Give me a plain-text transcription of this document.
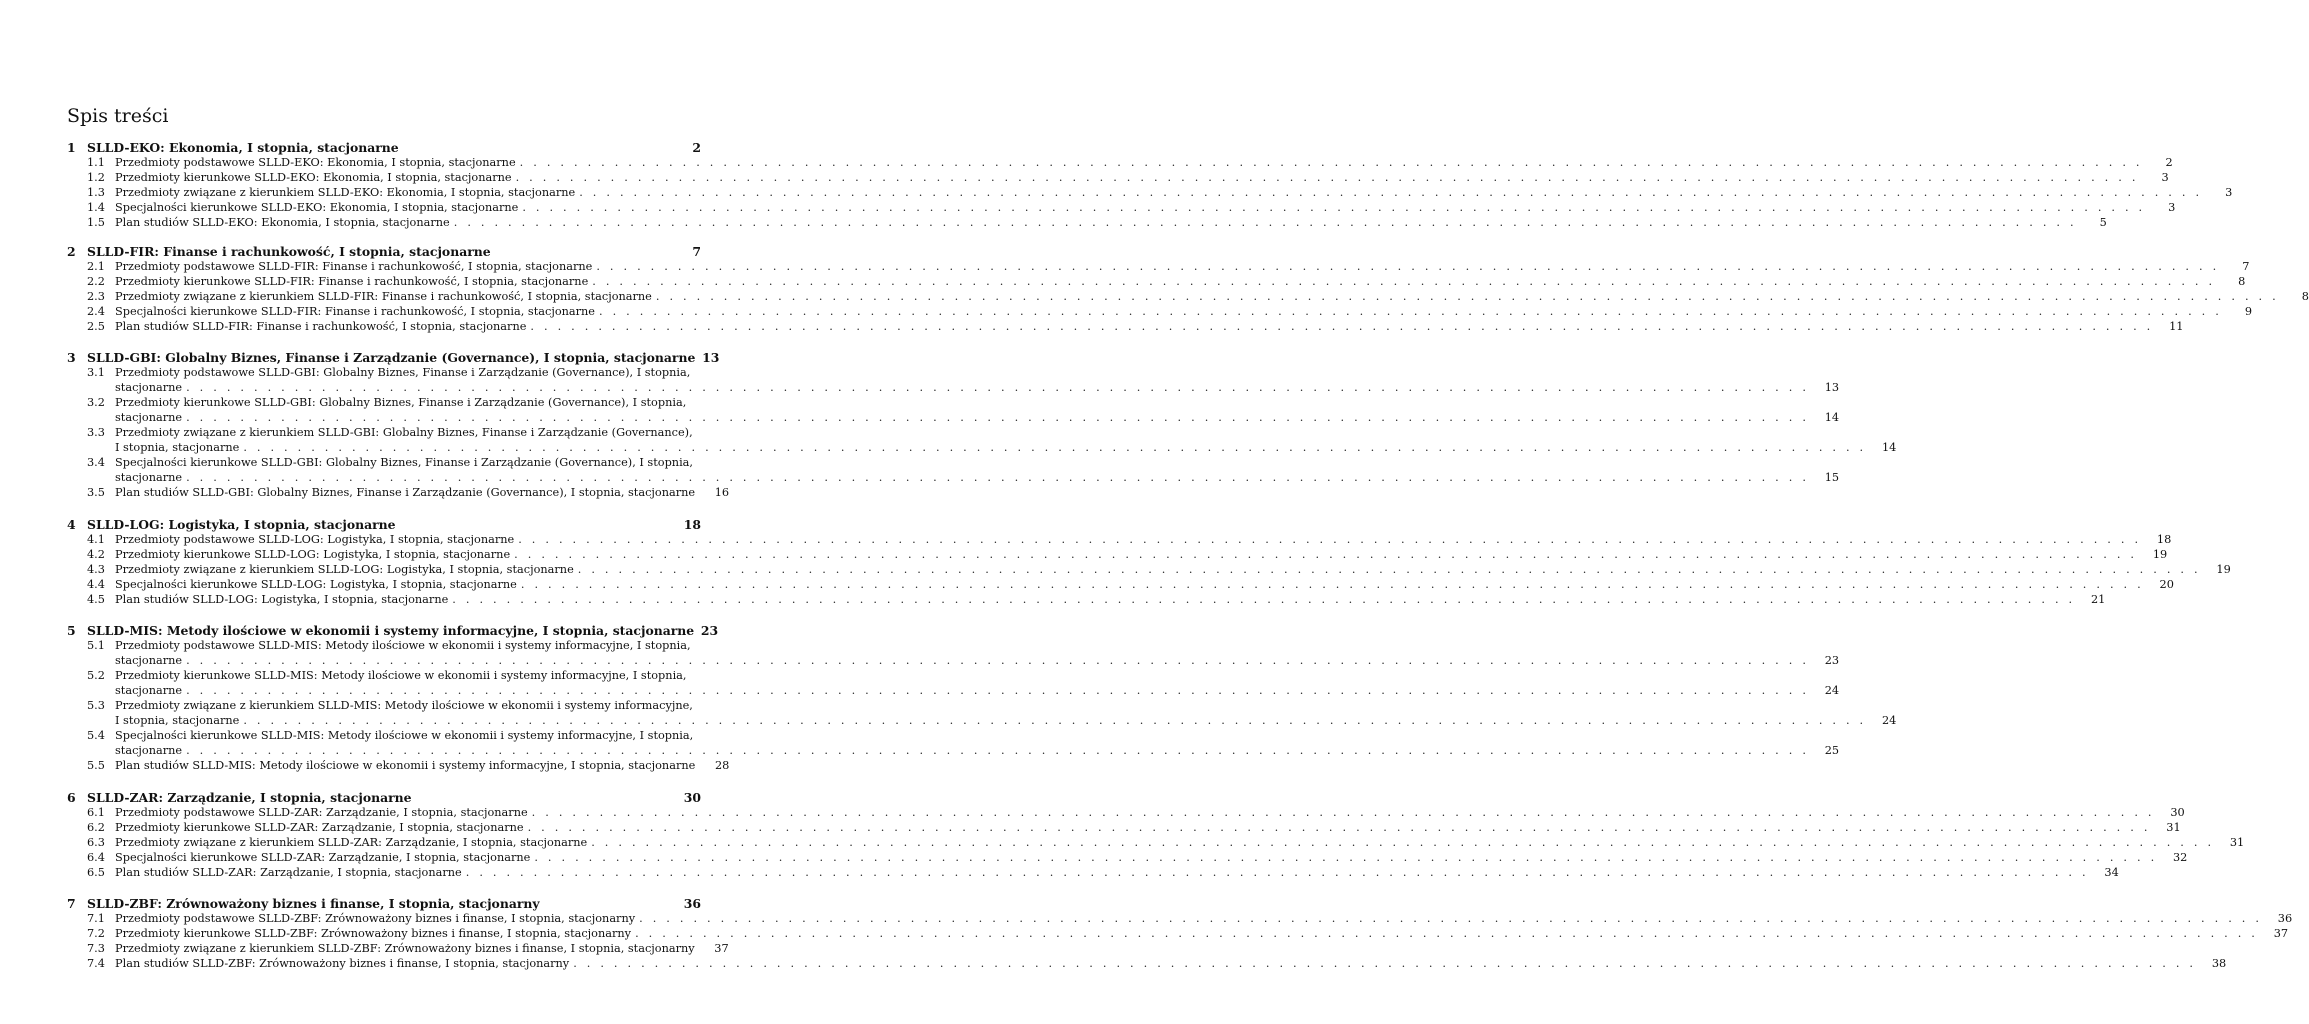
Spis treści
1 SLLD-EKO: Ekonomia, I stopnia, stacjonarne	2
1.1 Przedmioty podstawowe SLLD-EKO: Ekonomia, I stopnia, stacjonarne . . . . . . . . . . . . . . . . . . . . . . . . . . . . . . . . . . . . . . . . . . . . . . . . . . . . . . . . . . . . . . . . . . . . . . . . . . . . . . . . . . . . . . . . . . . . . . . . . . . . . . . . . . . . . . . . . . . . . . . .	2
1.2 Przedmioty kierunkowe SLLD-EKO: Ekonomia, I stopnia, stacjonarne . . . . . . . . . . . . . . . . . . . . . . . . . . . . . . . . . . . . . . . . . . . . . . . . . . . . . . . . . . . . . . . . . . . . . . . . . . . . . . . . . . . . . . . . . . . . . . . . . . . . . . . . . . . . . . . . . . . . . . . .	3
1.3 Przedmioty związane z kierunkiem SLLD-EKO: Ekonomia, I stopnia, stacjonarne . . . . . . . . . . . . . . . . . . . . . . . . . . . . . . . . . . . . . . . . . . . . . . . . . . . . . . . . . . . . . . . . . . . . . . . . . . . . . . . . . . . . . . . . . . . . . . . . . . . . . . . . . . . . . . . . . . . . . . . .	3
1.4 Specjalności kierunkowe SLLD-EKO: Ekonomia, I stopnia, stacjonarne . . . . . . . . . . . . . . . . . . . . . . . . . . . . . . . . . . . . . . . . . . . . . . . . . . . . . . . . . . . . . . . . . . . . . . . . . . . . . . . . . . . . . . . . . . . . . . . . . . . . . . . . . . . . . . . . . . . . . . . .	3
1.5 Plan studiów SLLD-EKO: Ekonomia, I stopnia, stacjonarne . . . . . . . . . . . . . . . . . . . . . . . . . . . . . . . . . . . . . . . . . . . . . . . . . . . . . . . . . . . . . . . . . . . . . . . . . . . . . . . . . . . . . . . . . . . . . . . . . . . . . . . . . . . . . . . . . . . . . . . .	5
2 SLLD-FIR: Finanse i rachunkowość, I stopnia, stacjonarne	7
2.1 Przedmioty podstawowe SLLD-FIR: Finanse i rachunkowość, I stopnia, stacjonarne . . . . . . . . . . . . . . . . . . . . . . . . . . . . . . . . . . . . . . . . . . . . . . . . . . . . . . . . . . . . . . . . . . . . . . . . . . . . . . . . . . . . . . . . . . . . . . . . . . . . . . . . . . . . . . . . . . . . . . . .	7
2.2 Przedmioty kierunkowe SLLD-FIR: Finanse i rachunkowość, I stopnia, stacjonarne . . . . . . . . . . . . . . . . . . . . . . . . . . . . . . . . . . . . . . . . . . . . . . . . . . . . . . . . . . . . . . . . . . . . . . . . . . . . . . . . . . . . . . . . . . . . . . . . . . . . . . . . . . . . . . . . . . . . . . . .	8
2.3 Przedmioty związane z kierunkiem SLLD-FIR: Finanse i rachunkowość, I stopnia, stacjonarne . . . . . . . . . . . . . . . . . . . . . . . . . . . . . . . . . . . . . . . . . . . . . . . . . . . . . . . . . . . . . . . . . . . . . . . . . . . . . . . . . . . . . . . . . . . . . . . . . . . . . . . . . . . . . . . . . . . . . . . .	8
2.4 Specjalności kierunkowe SLLD-FIR: Finanse i rachunkowość, I stopnia, stacjonarne . . . . . . . . . . . . . . . . . . . . . . . . . . . . . . . . . . . . . . . . . . . . . . . . . . . . . . . . . . . . . . . . . . . . . . . . . . . . . . . . . . . . . . . . . . . . . . . . . . . . . . . . . . . . . . . . . . . . . . . .	9
2.5 Plan studiów SLLD-FIR: Finanse i rachunkowość, I stopnia, stacjonarne . . . . . . . . . . . . . . . . . . . . . . . . . . . . . . . . . . . . . . . . . . . . . . . . . . . . . . . . . . . . . . . . . . . . . . . . . . . . . . . . . . . . . . . . . . . . . . . . . . . . . . . . . . . . . . . . . . . . . . . .	11
3 SLLD-GBI: Globalny Biznes, Finanse i Zarządzanie (Governance), I stopnia, stacjonarne 13
3.1 Przedmioty podstawowe SLLD-GBI: Globalny Biznes, Finanse i Zarządzanie (Governance), I stopnia,
stacjonarne . . . . . . . . . . . . . . . . . . . . . . . . . . . . . . . . . . . . . . . . . . . . . . . . . . . . . . . . . . . . . . . . . . . . . . . . . . . . . . . . . . . . . . . . . . . . . . . . . . . . . . . . . . . . . . . . . . . . . . . .	13
3.2 Przedmioty kierunkowe SLLD-GBI: Globalny Biznes, Finanse i Zarządzanie (Governance), I stopnia,
stacjonarne . . . . . . . . . . . . . . . . . . . . . . . . . . . . . . . . . . . . . . . . . . . . . . . . . . . . . . . . . . . . . . . . . . . . . . . . . . . . . . . . . . . . . . . . . . . . . . . . . . . . . . . . . . . . . . . . . . . . . . . .	14
3.3 Przedmioty związane z kierunkiem SLLD-GBI: Globalny Biznes, Finanse i Zarządzanie (Governance),
I stopnia, stacjonarne . . . . . . . . . . . . . . . . . . . . . . . . . . . . . . . . . . . . . . . . . . . . . . . . . . . . . . . . . . . . . . . . . . . . . . . . . . . . . . . . . . . . . . . . . . . . . . . . . . . . . . . . . . . . . . . . . . . . . . . .	14
3.4 Specjalności kierunkowe SLLD-GBI: Globalny Biznes, Finanse i Zarządzanie (Governance), I stopnia,
stacjonarne . . . . . . . . . . . . . . . . . . . . . . . . . . . . . . . . . . . . . . . . . . . . . . . . . . . . . . . . . . . . . . . . . . . . . . . . . . . . . . . . . . . . . . . . . . . . . . . . . . . . . . . . . . . . . . . . . . . . . . . .	15
3.5 Plan studiów SLLD-GBI: Globalny Biznes, Finanse i Zarządzanie (Governance), I stopnia, stacjonarne	16
4 SLLD-LOG: Logistyka, I stopnia, stacjonarne	18
4.1 Przedmioty podstawowe SLLD-LOG: Logistyka, I stopnia, stacjonarne . . . . . . . . . . . . . . . . . . . . . . . . . . . . . . . . . . . . . . . . . . . . . . . . . . . . . . . . . . . . . . . . . . . . . . . . . . . . . . . . . . . . . . . . . . . . . . . . . . . . . . . . . . . . . . . . . . . . . . . .	18
4.2 Przedmioty kierunkowe SLLD-LOG: Logistyka, I stopnia, stacjonarne . . . . . . . . . . . . . . . . . . . . . . . . . . . . . . . . . . . . . . . . . . . . . . . . . . . . . . . . . . . . . . . . . . . . . . . . . . . . . . . . . . . . . . . . . . . . . . . . . . . . . . . . . . . . . . . . . . . . . . . .	19
4.3 Przedmioty związane z kierunkiem SLLD-LOG: Logistyka, I stopnia, stacjonarne . . . . . . . . . . . . . . . . . . . . . . . . . . . . . . . . . . . . . . . . . . . . . . . . . . . . . . . . . . . . . . . . . . . . . . . . . . . . . . . . . . . . . . . . . . . . . . . . . . . . . . . . . . . . . . . . . . . . . . . .	19
4.4 Specjalności kierunkowe SLLD-LOG: Logistyka, I stopnia, stacjonarne . . . . . . . . . . . . . . . . . . . . . . . . . . . . . . . . . . . . . . . . . . . . . . . . . . . . . . . . . . . . . . . . . . . . . . . . . . . . . . . . . . . . . . . . . . . . . . . . . . . . . . . . . . . . . . . . . . . . . . . .	20
4.5 Plan studiów SLLD-LOG: Logistyka, I stopnia, stacjonarne . . . . . . . . . . . . . . . . . . . . . . . . . . . . . . . . . . . . . . . . . . . . . . . . . . . . . . . . . . . . . . . . . . . . . . . . . . . . . . . . . . . . . . . . . . . . . . . . . . . . . . . . . . . . . . . . . . . . . . . .	21
5 SLLD-MIS: Metody ilościowe w ekonomii i systemy informacyjne, I stopnia, stacjonarne 23
5.1 Przedmioty podstawowe SLLD-MIS: Metody ilościowe w ekonomii i systemy informacyjne, I stopnia,
stacjonarne . . . . . . . . . . . . . . . . . . . . . . . . . . . . . . . . . . . . . . . . . . . . . . . . . . . . . . . . . . . . . . . . . . . . . . . . . . . . . . . . . . . . . . . . . . . . . . . . . . . . . . . . . . . . . . . . . . . . . . . .	23
5.2 Przedmioty kierunkowe SLLD-MIS: Metody ilościowe w ekonomii i systemy informacyjne, I stopnia,
stacjonarne . . . . . . . . . . . . . . . . . . . . . . . . . . . . . . . . . . . . . . . . . . . . . . . . . . . . . . . . . . . . . . . . . . . . . . . . . . . . . . . . . . . . . . . . . . . . . . . . . . . . . . . . . . . . . . . . . . . . . . . .	24
5.3 Przedmioty związane z kierunkiem SLLD-MIS: Metody ilościowe w ekonomii i systemy informacyjne,
I stopnia, stacjonarne . . . . . . . . . . . . . . . . . . . . . . . . . . . . . . . . . . . . . . . . . . . . . . . . . . . . . . . . . . . . . . . . . . . . . . . . . . . . . . . . . . . . . . . . . . . . . . . . . . . . . . . . . . . . . . . . . . . . . . . .	24
5.4 Specjalności kierunkowe SLLD-MIS: Metody ilościowe w ekonomii i systemy informacyjne, I stopnia,
stacjonarne . . . . . . . . . . . . . . . . . . . . . . . . . . . . . . . . . . . . . . . . . . . . . . . . . . . . . . . . . . . . . . . . . . . . . . . . . . . . . . . . . . . . . . . . . . . . . . . . . . . . . . . . . . . . . . . . . . . . . . . .	25
5.5 Plan studiów SLLD-MIS: Metody ilościowe w ekonomii i systemy informacyjne, I stopnia, stacjonarne	28
6 SLLD-ZAR: Zarządzanie, I stopnia, stacjonarne	30
6.1 Przedmioty podstawowe SLLD-ZAR: Zarządzanie, I stopnia, stacjonarne . . . . . . . . . . . . . . . . . . . . . . . . . . . . . . . . . . . . . . . . . . . . . . . . . . . . . . . . . . . . . . . . . . . . . . . . . . . . . . . . . . . . . . . . . . . . . . . . . . . . . . . . . . . . . . . . . . . . . . . .	30
6.2 Przedmioty kierunkowe SLLD-ZAR: Zarządzanie, I stopnia, stacjonarne . . . . . . . . . . . . . . . . . . . . . . . . . . . . . . . . . . . . . . . . . . . . . . . . . . . . . . . . . . . . . . . . . . . . . . . . . . . . . . . . . . . . . . . . . . . . . . . . . . . . . . . . . . . . . . . . . . . . . . . .	31
6.3 Przedmioty związane z kierunkiem SLLD-ZAR: Zarządzanie, I stopnia, stacjonarne . . . . . . . . . . . . . . . . . . . . . . . . . . . . . . . . . . . . . . . . . . . . . . . . . . . . . . . . . . . . . . . . . . . . . . . . . . . . . . . . . . . . . . . . . . . . . . . . . . . . . . . . . . . . . . . . . . . . . . . .	31
6.4 Specjalności kierunkowe SLLD-ZAR: Zarządzanie, I stopnia, stacjonarne . . . . . . . . . . . . . . . . . . . . . . . . . . . . . . . . . . . . . . . . . . . . . . . . . . . . . . . . . . . . . . . . . . . . . . . . . . . . . . . . . . . . . . . . . . . . . . . . . . . . . . . . . . . . . . . . . . . . . . . .	32
6.5 Plan studiów SLLD-ZAR: Zarządzanie, I stopnia, stacjonarne . . . . . . . . . . . . . . . . . . . . . . . . . . . . . . . . . . . . . . . . . . . . . . . . . . . . . . . . . . . . . . . . . . . . . . . . . . . . . . . . . . . . . . . . . . . . . . . . . . . . . . . . . . . . . . . . . . . . . . . .	34
7 SLLD-ZBF: Zrównoważony biznes i finanse, I stopnia, stacjonarny	36
7.1 Przedmioty podstawowe SLLD-ZBF: Zrównoważony biznes i finanse, I stopnia, stacjonarny . . . . . . . . . . . . . . . . . . . . . . . . . . . . . . . . . . . . . . . . . . . . . . . . . . . . . . . . . . . . . . . . . . . . . . . . . . . . . . . . . . . . . . . . . . . . . . . . . . . . . . . . . . . . . . . . . . . . . . . .	36
7.2 Przedmioty kierunkowe SLLD-ZBF: Zrównoważony biznes i finanse, I stopnia, stacjonarny . . . . . . . . . . . . . . . . . . . . . . . . . . . . . . . . . . . . . . . . . . . . . . . . . . . . . . . . . . . . . . . . . . . . . . . . . . . . . . . . . . . . . . . . . . . . . . . . . . . . . . . . . . . . . . . . . . . . . . . .	37
7.3 Przedmioty związane z kierunkiem SLLD-ZBF: Zrównoważony biznes i finanse, I stopnia, stacjonarny	37
7.4 Plan studiów SLLD-ZBF: Zrównoważony biznes i finanse, I stopnia, stacjonarny . . . . . . . . . . . . . . . . . . . . . . . . . . . . . . . . . . . . . . . . . . . . . . . . . . . . . . . . . . . . . . . . . . . . . . . . . . . . . . . . . . . . . . . . . . . . . . . . . . . . . . . . . . . . . . . . . . . . . . . .	38
